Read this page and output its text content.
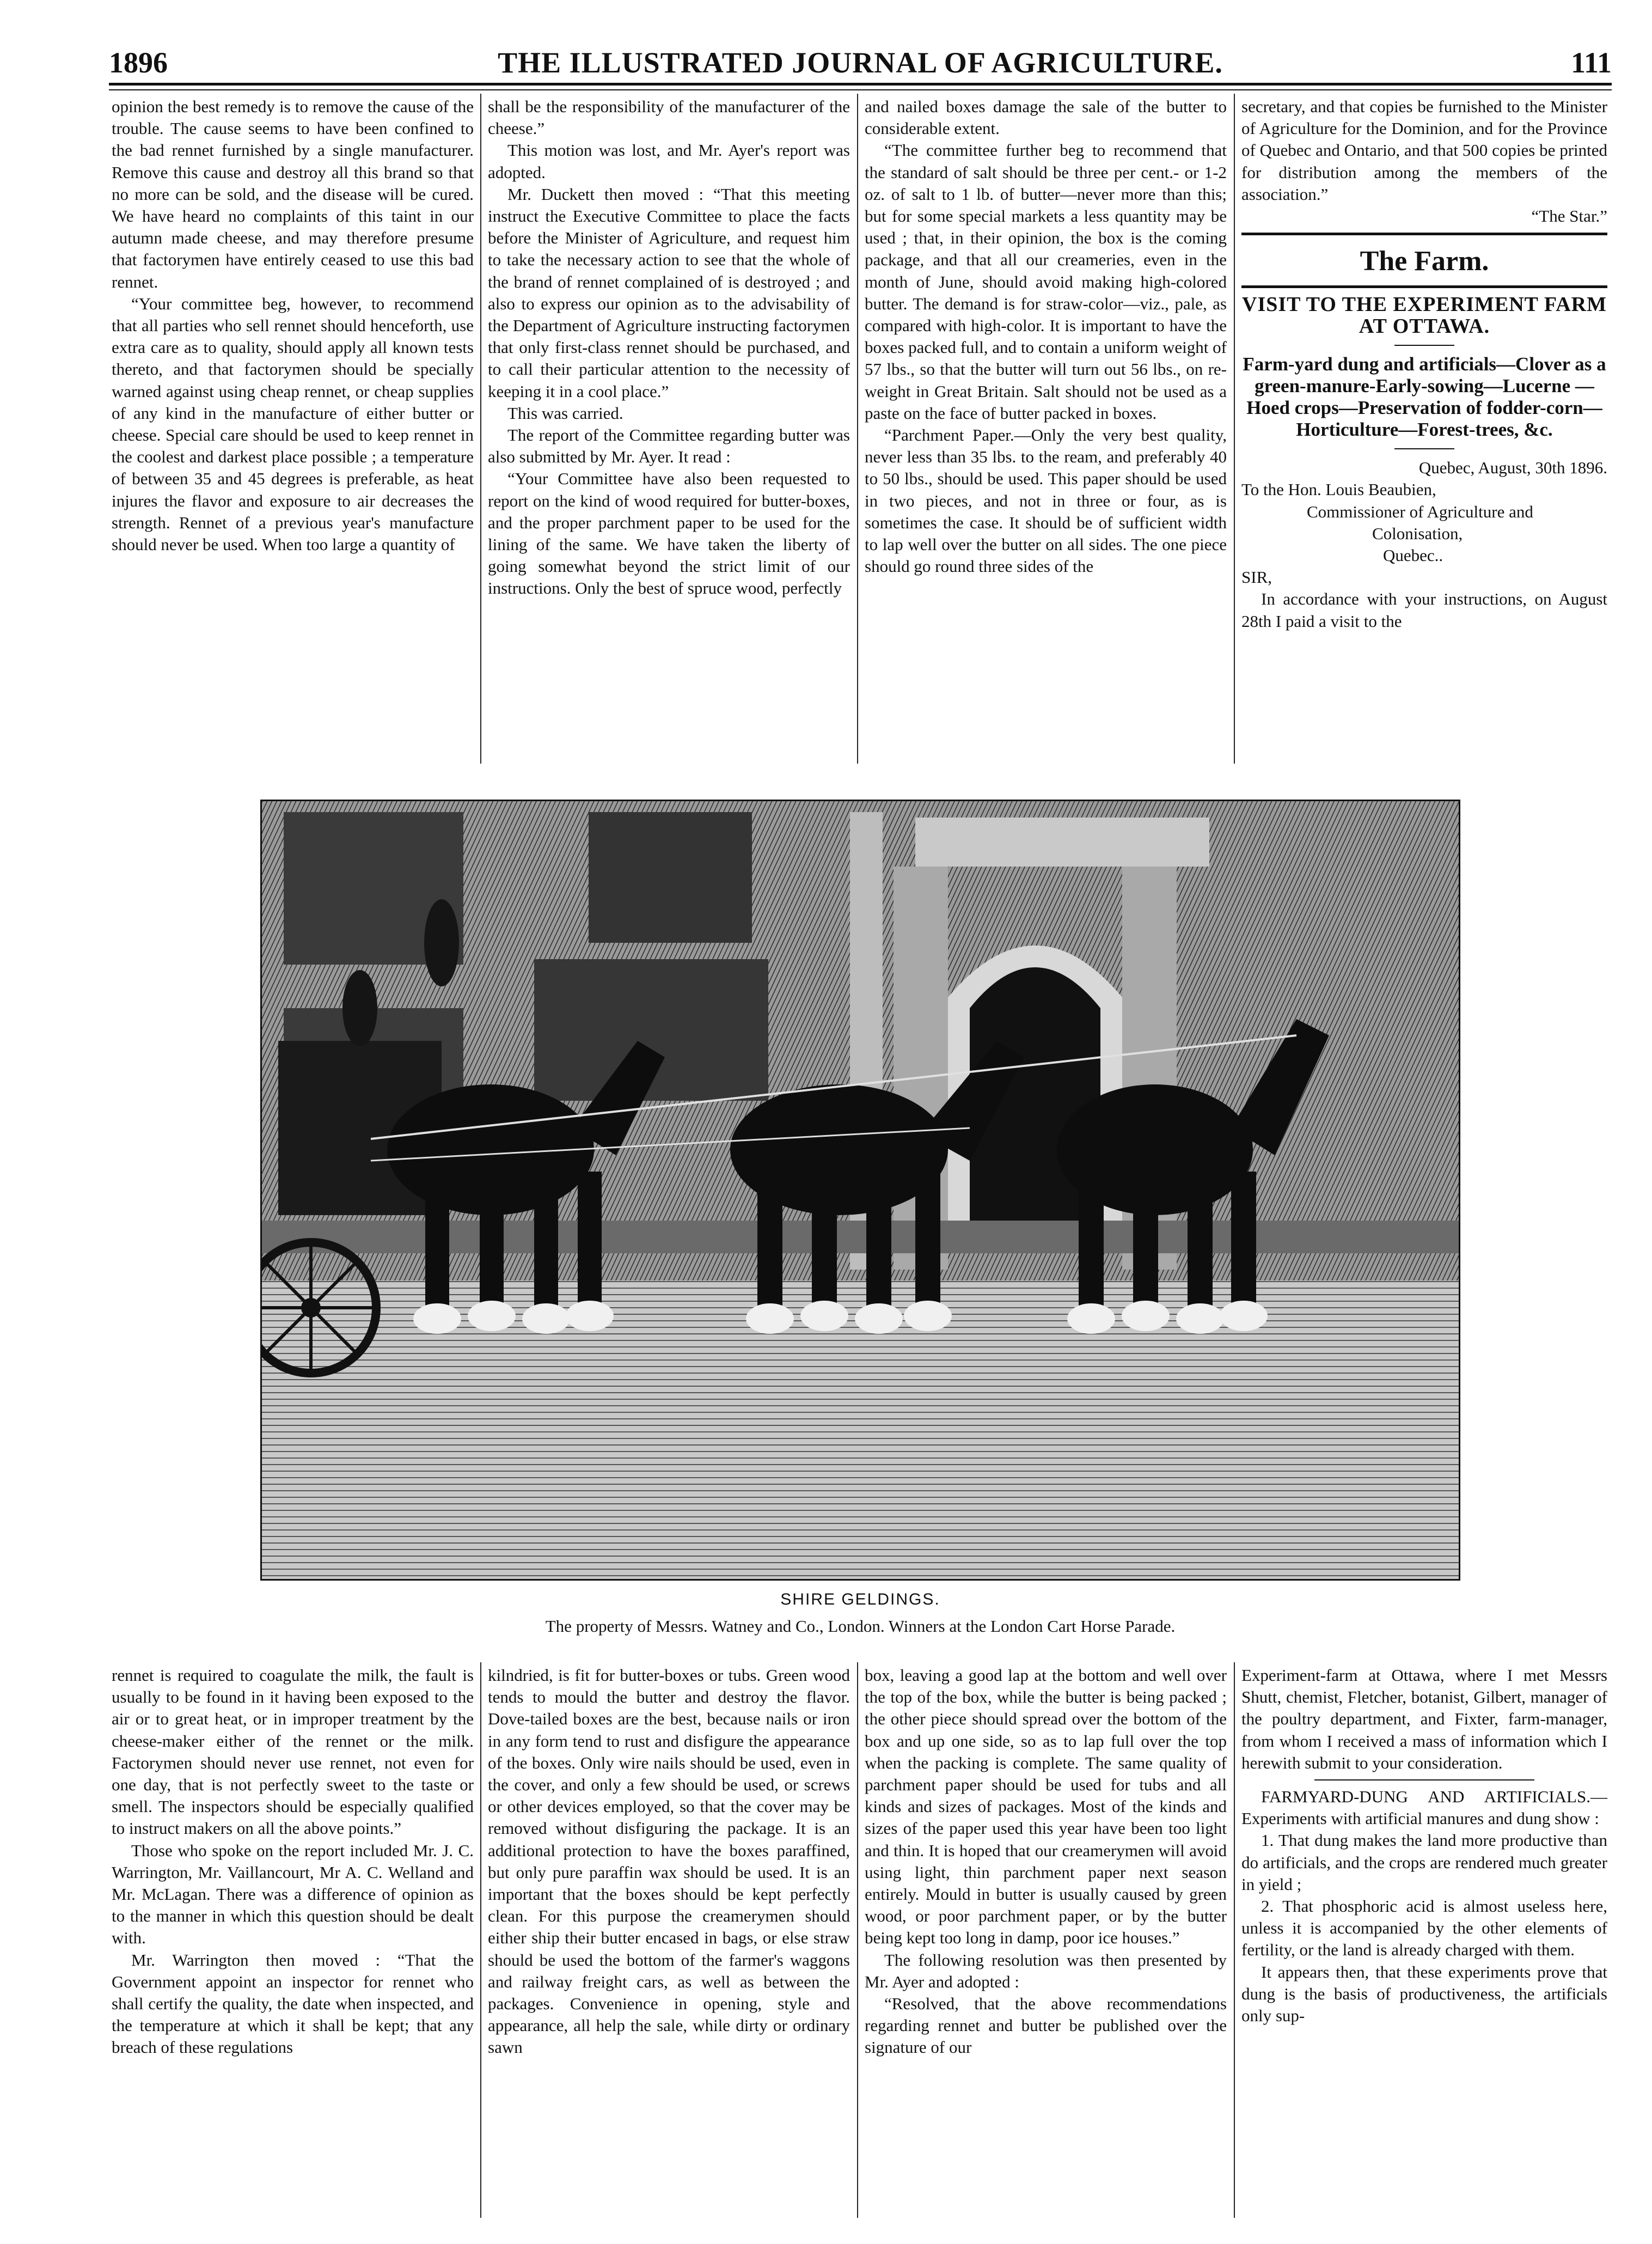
1896	THE ILLUSTRATED JOURNAL OF AGRICULTURE.	111

opinion the best remedy is to remove the cause of the trouble. The cause seems to have been confined to the bad rennet furnished by a single manufacturer. Remove this cause and destroy all this brand so that no more can be sold, and the disease will be cured. We have heard no complaints of this taint in our autumn made cheese, and may therefore presume that factorymen have entirely ceased to use this bad rennet.

“Your committee beg, however, to recommend that all parties who sell rennet should henceforth, use extra care as to quality, should apply all known tests thereto, and that factorymen should be specially warned against using cheap rennet, or cheap supplies of any kind in the manufacture of either butter or cheese. Special care should be used to keep rennet in the coolest and darkest place possible ; a temperature of between 35 and 45 degrees is preferable, as heat injures the flavor and exposure to air decreases the strength. Rennet of a previous year's manufacture should never be used. When too large a quantity of

shall be the responsibility of the manufacturer of the cheese.”

This motion was lost, and Mr. Ayer's report was adopted.

Mr. Duckett then moved : “That this meeting instruct the Executive Committee to place the facts before the Minister of Agriculture, and request him to take the necessary action to see that the whole of the brand of rennet complained of is destroyed ; and also to express our opinion as to the advisability of the Department of Agriculture instructing factorymen that only first-class rennet should be purchased, and to call their particular attention to the necessity of keeping it in a cool place.”

This was carried.

The report of the Committee regarding butter was also submitted by Mr. Ayer. It read :

“Your Committee have also been requested to report on the kind of wood required for butter-boxes, and the proper parchment paper to be used for the lining of the same. We have taken the liberty of going somewhat beyond the strict limit of our instructions. Only the best of spruce wood, perfectly

and nailed boxes damage the sale of the butter to considerable extent.

“The committee further beg to recommend that the standard of salt should be three per cent.- or 1-2 oz. of salt to 1 lb. of butter—never more than this; but for some special markets a less quantity may be used ; that, in their opinion, the box is the coming package, and that all our creameries, even in the month of June, should avoid making high-colored butter. The demand is for straw-color—viz., pale, as compared with high-color. It is important to have the boxes packed full, and to contain a uniform weight of 57 lbs., so that the butter will turn out 56 lbs., on re-weight in Great Britain. Salt should not be used as a paste on the face of butter packed in boxes.

“Parchment Paper.—Only the very best quality, never less than 35 lbs. to the ream, and preferably 40 to 50 lbs., should be used. This paper should be used in two pieces, and not in three or four, as is sometimes the case. It should be of sufficient width to lap well over the butter on all sides. The one piece should go round three sides of the

secretary, and that copies be furnished to the Minister of Agriculture for the Dominion, and for the Province of Quebec and Ontario, and that 500 copies be printed for distribution among the members of the association.”

“The Star.”

The Farm.
VISIT TO THE EXPERIMENT FARM AT OTTAWA.
Farm-yard dung and artificials—Clover as a green-manure-Early-sowing—Lucerne — Hoed crops—Preservation of fodder-corn—Horticulture—Forest-trees, &c.

Quebec, August, 30th 1896.

To the Hon. Louis Beaubien,

Commissioner of Agriculture and

Colonisation,

Quebec..

SIR,

In accordance with your instructions, on August 28th I paid a visit to the

SHIRE GELDINGS.
The property of Messrs. Watney and Co., London. Winners at the London Cart Horse Parade.

rennet is required to coagulate the milk, the fault is usually to be found in it having been exposed to the air or to great heat, or in improper treatment by the cheese-maker either of the rennet or the milk. Factorymen should never use rennet, not even for one day, that is not perfectly sweet to the taste or smell. The inspectors should be especially qualified to instruct makers on all the above points.”

Those who spoke on the report included Mr. J. C. Warrington, Mr. Vaillancourt, Mr A. C. Welland and Mr. McLagan. There was a difference of opinion as to the manner in which this question should be dealt with.

Mr. Warrington then moved : “That the Government appoint an inspector for rennet who shall certify the quality, the date when inspected, and the temperature at which it shall be kept; that any breach of these regulations

kilndried, is fit for butter-boxes or tubs. Green wood tends to mould the butter and destroy the flavor. Dove-tailed boxes are the best, because nails or iron in any form tend to rust and disfigure the appearance of the boxes. Only wire nails should be used, even in the cover, and only a few should be used, or screws or other devices employed, so that the cover may be removed without disfiguring the package. It is an additional protection to have the boxes paraffined, but only pure paraffin wax should be used. It is an important that the boxes should be kept perfectly clean. For this purpose the creamerymen should either ship their butter encased in bags, or else straw should be used the bottom of the farmer's waggons and railway freight cars, as well as between the packages. Convenience in opening, style and appearance, all help the sale, while dirty or ordinary sawn

box, leaving a good lap at the bottom and well over the top of the box, while the butter is being packed ; the other piece should spread over the bottom of the box and up one side, so as to lap full over the top when the packing is complete. The same quality of parchment paper should be used for tubs and all kinds and sizes of packages. Most of the kinds and sizes of the paper used this year have been too light and thin. It is hoped that our creamerymen will avoid using light, thin parchment paper next season entirely. Mould in butter is usually caused by green wood, or poor parchment paper, or by the butter being kept too long in damp, poor ice houses.”

The following resolution was then presented by Mr. Ayer and adopted :

“Resolved, that the above recommendations regarding rennet and butter be published over the signature of our

Experiment-farm at Ottawa, where I met Messrs Shutt, chemist, Fletcher, botanist, Gilbert, manager of the poultry department, and Fixter, farm-manager, from whom I received a mass of information which I herewith submit to your consideration.

FARMYARD-DUNG AND ARTIFICIALS.—Experiments with artificial manures and dung show :

1. That dung makes the land more productive than do artificials, and the crops are rendered much greater in yield ;

2. That phosphoric acid is almost useless here, unless it is accompanied by the other elements of fertility, or the land is already charged with them.

It appears then, that these experiments prove that dung is the basis of productiveness, the artificials only sup-
